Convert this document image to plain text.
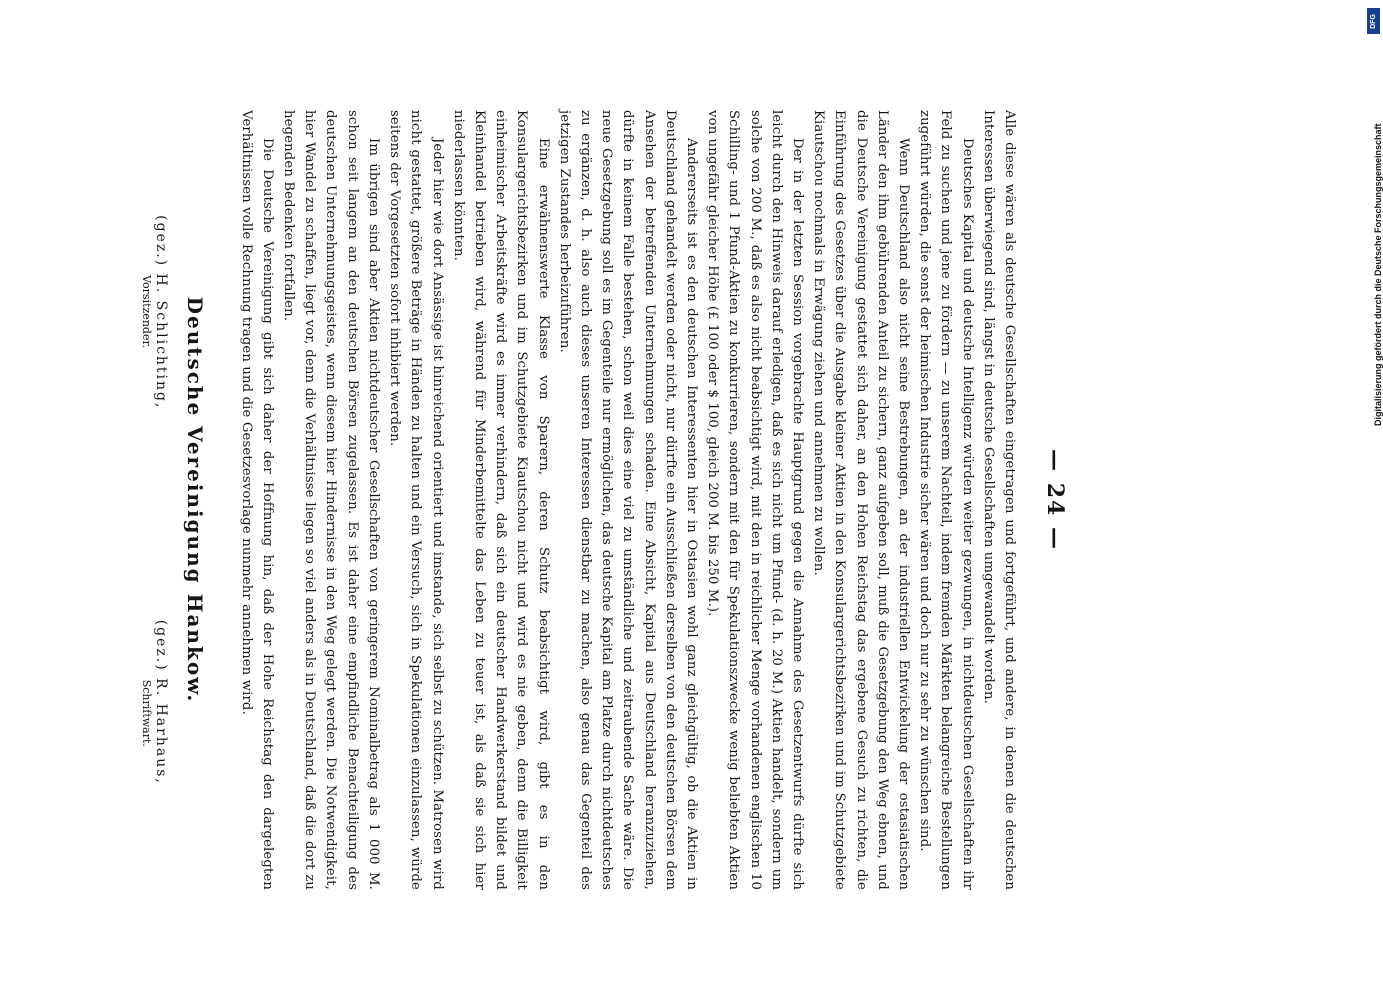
— 24 —

Alle diese wären als deutsche Gesellschaften eingetragen und fortgeführt, und andere, in denen die deutschen Interessen überwiegend sind, längst in deutsche Gesellschaften umgewandelt worden.

Deutsches Kapital und deutsche Intelligenz würden weiter gezwungen, in nichtdeutschen Gesellschaften ihr Feld zu suchen und jene zu fördern — zu unserem Nachteil, indem fremden Märkten belangreiche Bestellungen zugeführt würden, die sonst der heimischen Industrie sicher wären und doch nur zu sehr zu wünschen sind.

Wenn Deutschland also nicht seine Bestrebungen, an der industriellen Entwickelung der ostasiatischen Länder den ihm gebührenden Anteil zu sichern, ganz aufgeben soll, muß die Gesetzgebung den Weg ebnen, und die Deutsche Vereinigung gestattet sich daher, an den Hohen Reichstag das ergebene Gesuch zu richten, die Einführung des Gesetzes über die Ausgabe kleiner Aktien in den Konsulargerichtsbezirken und im Schutzgebiete Kiautschou nochmals in Erwägung ziehen und annehmen zu wollen.

Der in der letzten Session vorgebrachte Hauptgrund gegen die Annahme des Gesetzentwurfs dürfte sich leicht durch den Hinweis darauf erledigen, daß es sich nicht um Pfund- (d. h. 20 M.) Aktien handelt, sondern um solche von 200 M., daß es also nicht beabsichtigt wird, mit den in reichlicher Menge vorhandenen englischen 10 Schilling- und 1 Pfund-Aktien zu konkurrieren, sondern mit den für Spekulationszwecke wenig beliebten Aktien von ungefähr gleicher Höhe (£ 100 oder $ 100, gleich 200 M. bis 250 M.).

Andererseits ist es den deutschen Interessenten hier in Ostasien wohl ganz gleichgültig, ob die Aktien in Deutschland gehandelt werden oder nicht, nur dürfte ein Ausschließen derselben von den deutschen Börsen dem Ansehen der betreffenden Unternehmungen schaden. Eine Absicht, Kapital aus Deutschland heranzuziehen, dürfte in keinem Falle bestehen, schon weil dies eine viel zu umständliche und zeitraubende Sache wäre. Die neue Gesetzgebung soll es im Gegenteile nur ermöglichen, das deutsche Kapital am Platze durch nichtdeutsches zu ergänzen, d. h. also auch dieses unseren Interessen dienstbar zu machen, also genau das Gegenteil des jetzigen Zustandes herbeizuführen.

Eine erwähnenswerte Klasse von Sparern, deren Schutz beabsichtigt wird, gibt es in den Konsulargerichtsbezirken und im Schutzgebiete Kiautschou nicht und wird es nie geben, denn die Billigkeit einheimischer Arbeitskräfte wird es immer verhindern, daß sich ein deutscher Handwerkerstand bildet und Kleinhandel betrieben wird, während für Minderbemittelte das Leben zu teuer ist, als daß sie sich hier niederlassen könnten.

Jeder hier wie dort Ansässige ist hinreichend orientiert und imstande, sich selbst zu schützen. Matrosen wird nicht gestattet, größere Beträge in Händen zu halten und ein Versuch, sich in Spekulationen einzulassen, würde seitens der Vorgesetzten sofort inhibiert werden.

Im übrigen sind aber Aktien nichtdeutscher Gesellschaften von geringerem Nominalbetrag als 1 000 M. schon seit langem an den deutschen Börsen zugelassen. Es ist daher eine empfindliche Benachteiligung des deutschen Unternehmungsgeistes, wenn diesem hier Hindernisse in den Weg gelegt werden. Die Notwendigkeit, hier Wandel zu schaffen, liegt vor, denn die Verhältnisse liegen so viel anders als in Deutschland, daß die dort zu hegenden Bedenken fortfallen.

Die Deutsche Vereinigung gibt sich daher der Hoffnung hin, daß der Hohe Reichstag den dargelegten Verhältnissen volle Rechnung tragen und die Gesetzesvorlage nunmehr annehmen wird.

Deutsche Vereinigung Hankow.
(gez.) H. Schlichting,
Vorsitzender.
(gez.) R. Harhaus,
Schriftwart.
DFG
Digitalisierung gefördert durch die Deutsche Forschungsgemeinschaft
